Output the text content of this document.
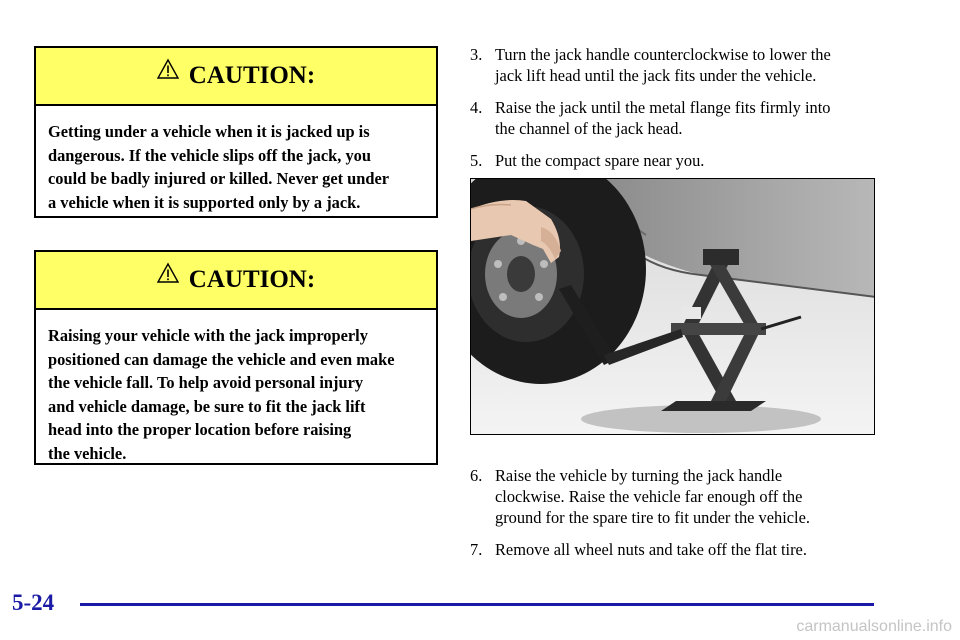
CAUTION:
Getting under a vehicle when it is jacked up is
dangerous. If the vehicle slips off the jack, you
could be badly injured or killed. Never get under
a vehicle when it is supported only by a jack.
CAUTION:
Raising your vehicle with the jack improperly
positioned can damage the vehicle and even make
the vehicle fall. To help avoid personal injury
and vehicle damage, be sure to fit the jack lift
head into the proper location before raising
the vehicle.
3. Turn the jack handle counterclockwise to lower the
jack lift head until the jack fits under the vehicle.
4. Raise the jack until the metal flange fits firmly into
the channel of the jack head.
5. Put the compact spare near you.
6. Raise the vehicle by turning the jack handle
clockwise. Raise the vehicle far enough off the
ground for the spare tire to fit under the vehicle.
7. Remove all wheel nuts and take off the flat tire.
5-24
carmanualsonline.info
